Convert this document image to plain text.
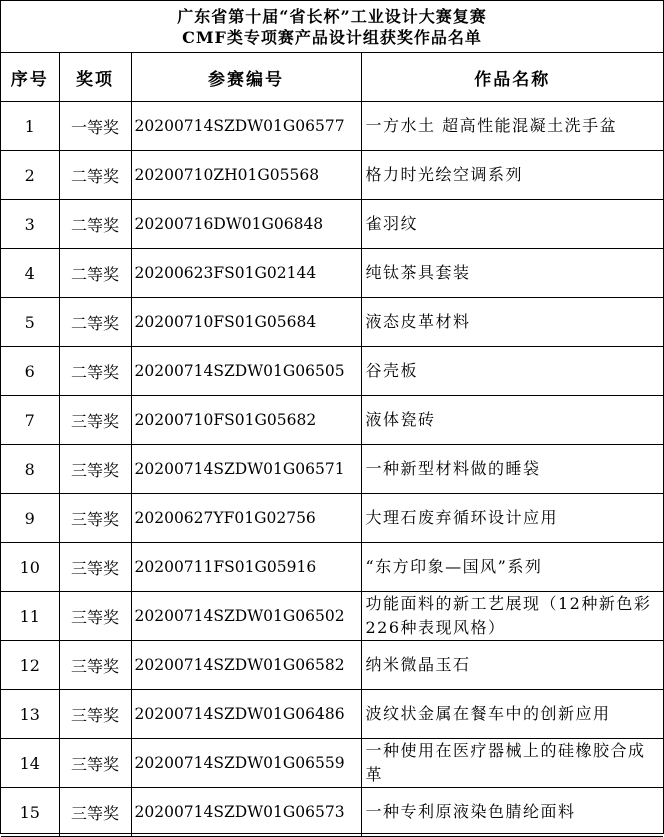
广东省第十届“省长杯”工业设计大赛复赛
CMF类专项赛产品设计组获奖作品名单
序号	奖项	参赛编号	作品名称
1	一等奖	20200714SZDW01G06577	一方水土 超高性能混凝土洗手盆
2	二等奖	20200710ZH01G05568	格力时光绘空调系列
3	二等奖	20200716DW01G06848	雀羽纹
4	二等奖	20200623FS01G02144	纯钛茶具套装
5	二等奖	20200710FS01G05684	液态皮革材料
6	二等奖	20200714SZDW01G06505	谷壳板
7	三等奖	20200710FS01G05682	液体瓷砖
8	三等奖	20200714SZDW01G06571	一种新型材料做的睡袋
9	三等奖	20200627YF01G02756	大理石废弃循环设计应用
10	三等奖	20200711FS01G05916	“东方印象—国风”系列
11	三等奖	20200714SZDW01G06502	功能面料的新工艺展现（12种新色彩226种表现风格）
12	三等奖	20200714SZDW01G06582	纳米微晶玉石
13	三等奖	20200714SZDW01G06486	波纹状金属在餐车中的创新应用
14	三等奖	20200714SZDW01G06559	一种使用在医疗器械上的硅橡胶合成革
15	三等奖	20200714SZDW01G06573	一种专利原液染色腈纶面料
